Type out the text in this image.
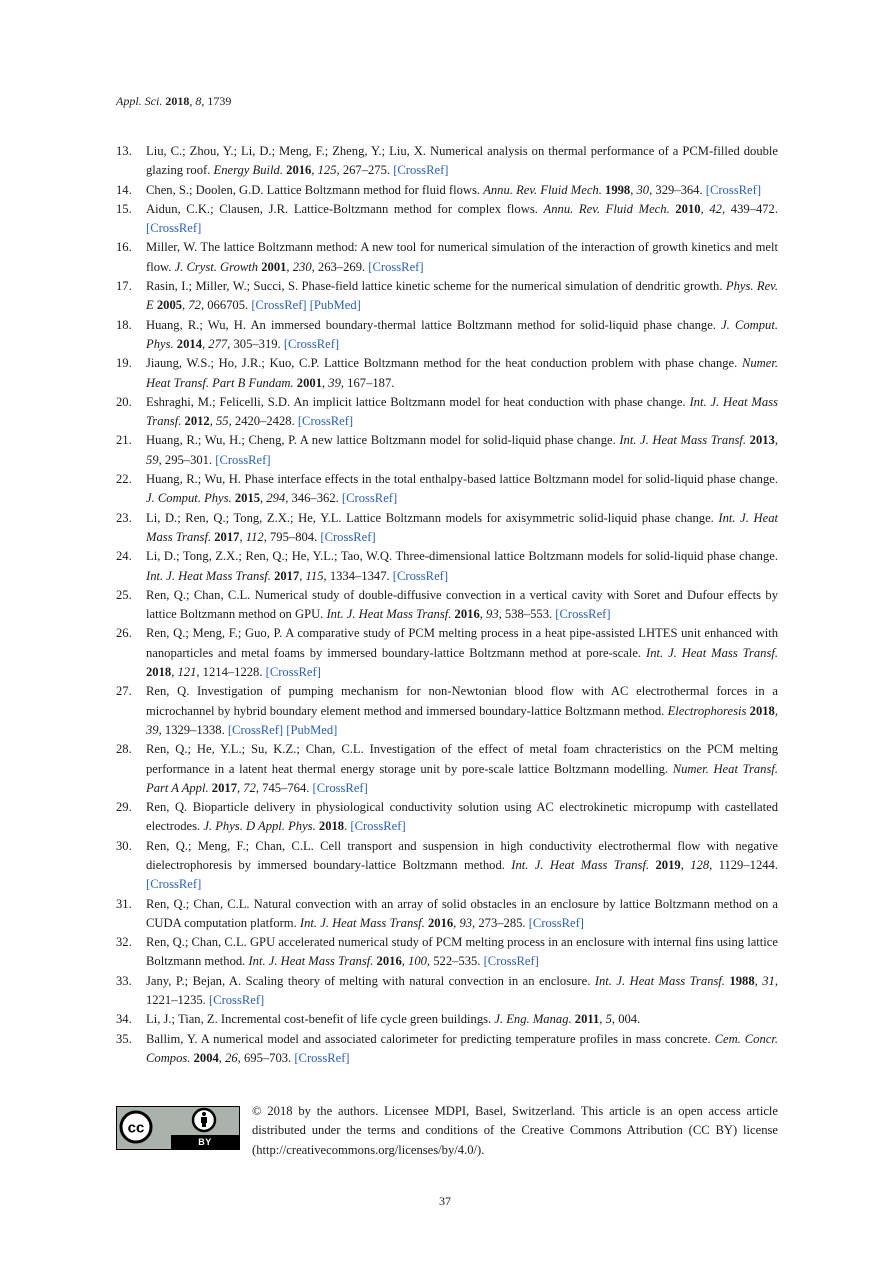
Appl. Sci. 2018, 8, 1739
13. Liu, C.; Zhou, Y.; Li, D.; Meng, F.; Zheng, Y.; Liu, X. Numerical analysis on thermal performance of a PCM-filled double glazing roof. Energy Build. 2016, 125, 267–275. [CrossRef]
14. Chen, S.; Doolen, G.D. Lattice Boltzmann method for fluid flows. Annu. Rev. Fluid Mech. 1998, 30, 329–364. [CrossRef]
15. Aidun, C.K.; Clausen, J.R. Lattice-Boltzmann method for complex flows. Annu. Rev. Fluid Mech. 2010, 42, 439–472. [CrossRef]
16. Miller, W. The lattice Boltzmann method: A new tool for numerical simulation of the interaction of growth kinetics and melt flow. J. Cryst. Growth 2001, 230, 263–269. [CrossRef]
17. Rasin, I.; Miller, W.; Succi, S. Phase-field lattice kinetic scheme for the numerical simulation of dendritic growth. Phys. Rev. E 2005, 72, 066705. [CrossRef] [PubMed]
18. Huang, R.; Wu, H. An immersed boundary-thermal lattice Boltzmann method for solid-liquid phase change. J. Comput. Phys. 2014, 277, 305–319. [CrossRef]
19. Jiaung, W.S.; Ho, J.R.; Kuo, C.P. Lattice Boltzmann method for the heat conduction problem with phase change. Numer. Heat Transf. Part B Fundam. 2001, 39, 167–187.
20. Eshraghi, M.; Felicelli, S.D. An implicit lattice Boltzmann model for heat conduction with phase change. Int. J. Heat Mass Transf. 2012, 55, 2420–2428. [CrossRef]
21. Huang, R.; Wu, H.; Cheng, P. A new lattice Boltzmann model for solid-liquid phase change. Int. J. Heat Mass Transf. 2013, 59, 295–301. [CrossRef]
22. Huang, R.; Wu, H. Phase interface effects in the total enthalpy-based lattice Boltzmann model for solid-liquid phase change. J. Comput. Phys. 2015, 294, 346–362. [CrossRef]
23. Li, D.; Ren, Q.; Tong, Z.X.; He, Y.L. Lattice Boltzmann models for axisymmetric solid-liquid phase change. Int. J. Heat Mass Transf. 2017, 112, 795–804. [CrossRef]
24. Li, D.; Tong, Z.X.; Ren, Q.; He, Y.L.; Tao, W.Q. Three-dimensional lattice Boltzmann models for solid-liquid phase change. Int. J. Heat Mass Transf. 2017, 115, 1334–1347. [CrossRef]
25. Ren, Q.; Chan, C.L. Numerical study of double-diffusive convection in a vertical cavity with Soret and Dufour effects by lattice Boltzmann method on GPU. Int. J. Heat Mass Transf. 2016, 93, 538–553. [CrossRef]
26. Ren, Q.; Meng, F.; Guo, P. A comparative study of PCM melting process in a heat pipe-assisted LHTES unit enhanced with nanoparticles and metal foams by immersed boundary-lattice Boltzmann method at pore-scale. Int. J. Heat Mass Transf. 2018, 121, 1214–1228. [CrossRef]
27. Ren, Q. Investigation of pumping mechanism for non-Newtonian blood flow with AC electrothermal forces in a microchannel by hybrid boundary element method and immersed boundary-lattice Boltzmann method. Electrophoresis 2018, 39, 1329–1338. [CrossRef] [PubMed]
28. Ren, Q.; He, Y.L.; Su, K.Z.; Chan, C.L. Investigation of the effect of metal foam chracteristics on the PCM melting performance in a latent heat thermal energy storage unit by pore-scale lattice Boltzmann modelling. Numer. Heat Transf. Part A Appl. 2017, 72, 745–764. [CrossRef]
29. Ren, Q. Bioparticle delivery in physiological conductivity solution using AC electrokinetic micropump with castellated electrodes. J. Phys. D Appl. Phys. 2018. [CrossRef]
30. Ren, Q.; Meng, F.; Chan, C.L. Cell transport and suspension in high conductivity electrothermal flow with negative dielectrophoresis by immersed boundary-lattice Boltzmann method. Int. J. Heat Mass Transf. 2019, 128, 1129–1244. [CrossRef]
31. Ren, Q.; Chan, C.L. Natural convection with an array of solid obstacles in an enclosure by lattice Boltzmann method on a CUDA computation platform. Int. J. Heat Mass Transf. 2016, 93, 273–285. [CrossRef]
32. Ren, Q.; Chan, C.L. GPU accelerated numerical study of PCM melting process in an enclosure with internal fins using lattice Boltzmann method. Int. J. Heat Mass Transf. 2016, 100, 522–535. [CrossRef]
33. Jany, P.; Bejan, A. Scaling theory of melting with natural convection in an enclosure. Int. J. Heat Mass Transf. 1988, 31, 1221–1235. [CrossRef]
34. Li, J.; Tian, Z. Incremental cost-benefit of life cycle green buildings. J. Eng. Manag. 2011, 5, 004.
35. Ballim, Y. A numerical model and associated calorimeter for predicting temperature profiles in mass concrete. Cem. Concr. Compos. 2004, 26, 695–703. [CrossRef]
cc
BY
© 2018 by the authors. Licensee MDPI, Basel, Switzerland. This article is an open access article distributed under the terms and conditions of the Creative Commons Attribution (CC BY) license (http://creativecommons.org/licenses/by/4.0/).
37
